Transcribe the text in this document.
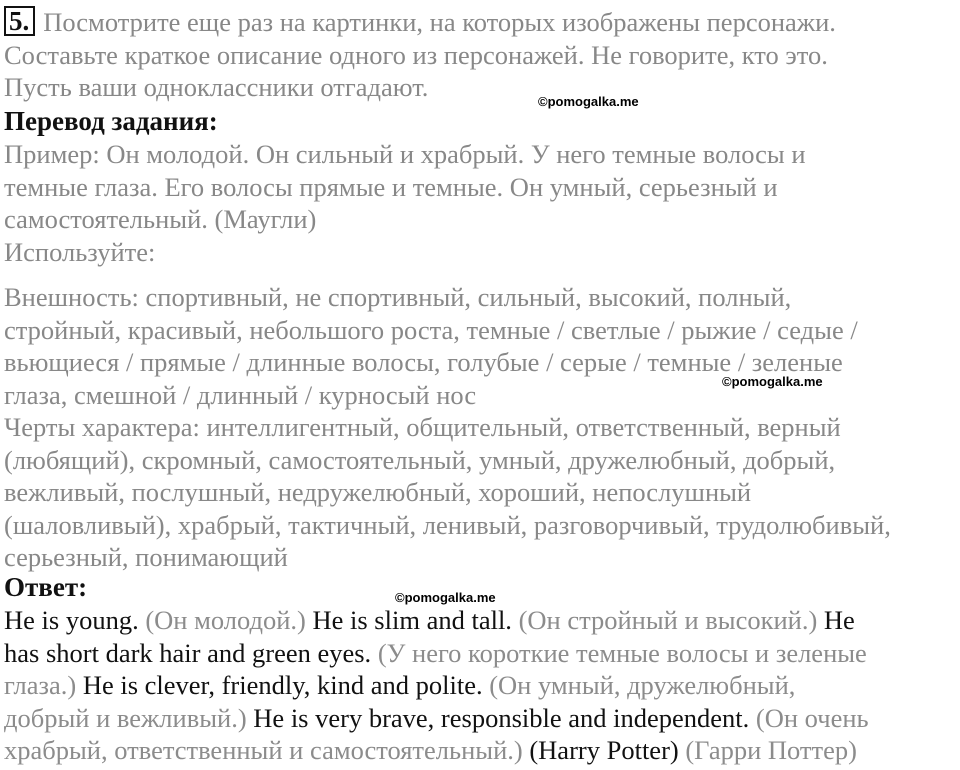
5. Посмотрите еще раз на картинки, на которых изображены персонажи.
Составьте краткое описание одного из персонажей. Не говорите, кто это.
Пусть ваши одноклассники отгадают.
Перевод задания:
Пример: Он молодой. Он сильный и храбрый. У него темные волосы и
темные глаза. Его волосы прямые и темные. Он умный, серьезный и
самостоятельный. (Маугли)
Используйте:
Внешность: спортивный, не спортивный, сильный, высокий, полный,
стройный, красивый, небольшого роста, темные / светлые / рыжие / седые /
вьющиеся / прямые / длинные волосы, голубые / серые / темные / зеленые
глаза, смешной / длинный / курносый нос
Черты характера: интеллигентный, общительный, ответственный, верный
(любящий), скромный, самостоятельный, умный, дружелюбный, добрый,
вежливый, послушный, недружелюбный, хороший, непослушный
(шаловливый), храбрый, тактичный, ленивый, разговорчивый, трудолюбивый,
серьезный, понимающий
Ответ:
He is young. (Он молодой.) He is slim and tall. (Он стройный и высокий.) He
has short dark hair and green eyes. (У него короткие темные волосы и зеленые
глаза.) He is clever, friendly, kind and polite. (Он умный, дружелюбный,
добрый и вежливый.) He is very brave, responsible and independent. (Он очень
храбрый, ответственный и самостоятельный.) (Harry Potter) (Гарри Поттер)
©pomogalka.me
©pomogalka.me
©pomogalka.me
